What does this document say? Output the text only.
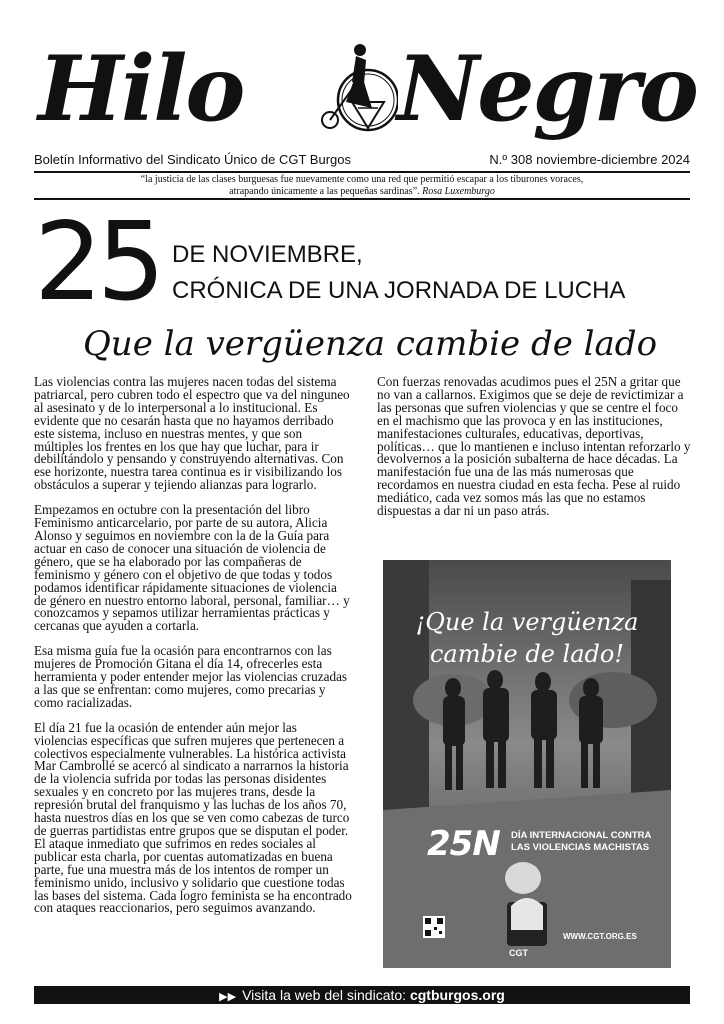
Hilo Negro
Boletín Informativo del Sindicato Único de CGT Burgos	N.º 308 noviembre-diciembre 2024
“la justicia de las clases burguesas fue nuevamente como una red que permitió escapar a los tiburones voraces,
atrapando únicamente a las pequeñas sardinas”. Rosa Luxemburgo
25 DE NOVIEMBRE,
CRÓNICA DE UNA JORNADA DE LUCHA
Que la vergüenza cambie de lado

Las violencias contra las mujeres nacen todas del sistema patriarcal, pero cubren todo el espectro que va del ninguneo al asesinato y de lo interpersonal a lo institucional. Es evidente que no cesarán hasta que no hayamos derribado este sistema, incluso en nuestras mentes, y que son múltiples los frentes en los que hay que luchar, para ir debilitándolo y pensando y construyendo alternativas. Con ese horizonte, nuestra tarea continua es ir visibilizando los obstáculos a superar y tejiendo alianzas para lograrlo.

Empezamos en octubre con la presentación del libro Feminismo anticarcelario, por parte de su autora, Alicia Alonso y seguimos en noviembre con la de la Guía para actuar en caso de conocer una situación de violencia de género, que se ha elaborado por las compañeras de feminismo y género con el objetivo de que todas y todos podamos identificar rápidamente situaciones de violencia de género en nuestro entorno laboral, personal, familiar… y conozcamos y sepamos utilizar herramientas prácticas y cercanas que ayuden a cortarla.

Esa misma guía fue la ocasión para encontrarnos con las mujeres de Promoción Gitana el día 14, ofrecerles esta herramienta y poder entender mejor las violencias cruzadas a las que se enfrentan: como mujeres, como precarias y como racializadas.

El día 21 fue la ocasión de entender aún mejor las violencias específicas que sufren mujeres que pertenecen a colectivos especialmente vulnerables. La histórica activista Mar Cambrollé se acercó al sindicato a narrarnos la historia de la violencia sufrida por todas las personas disidentes sexuales y en concreto por las mujeres trans, desde la represión brutal del franquismo y las luchas de los años 70, hasta nuestros días en los que se ven como cabezas de turco de guerras partidistas entre grupos que se disputan el poder. El ataque inmediato que sufrimos en redes sociales al publicar esta charla, por cuentas automatizadas en buena parte, fue una muestra más de los intentos de romper un feminismo unido, inclusivo y solidario que cuestione todas las bases del sistema. Cada logro feminista se ha encontrado con ataques reaccionarios, pero seguimos avanzando.

Con fuerzas renovadas acudimos pues el 25N a gritar que no van a callarnos. Exigimos que se deje de revictimizar a las personas que sufren violencias y que se centre el foco en el machismo que las provoca y en las instituciones, manifestaciones culturales, educativas, deportivas, políticas… que lo mantienen e incluso intentan reforzarlo y devolvernos a la posición subalterna de hace décadas. La manifestación fue una de las más numerosas que recordamos en nuestra ciudad en esta fecha. Pese al ruido mediático, cada vez somos más las que no estamos dispuestas a dar ni un paso atrás.

¡Que la vergüenza
cambie de lado!
25N DÍA INTERNACIONAL CONTRA
LAS VIOLENCIAS MACHISTAS
WWW.CGT.ORG.ES
CGT
▶▶ Visita la web del sindicato: cgtburgos.org
